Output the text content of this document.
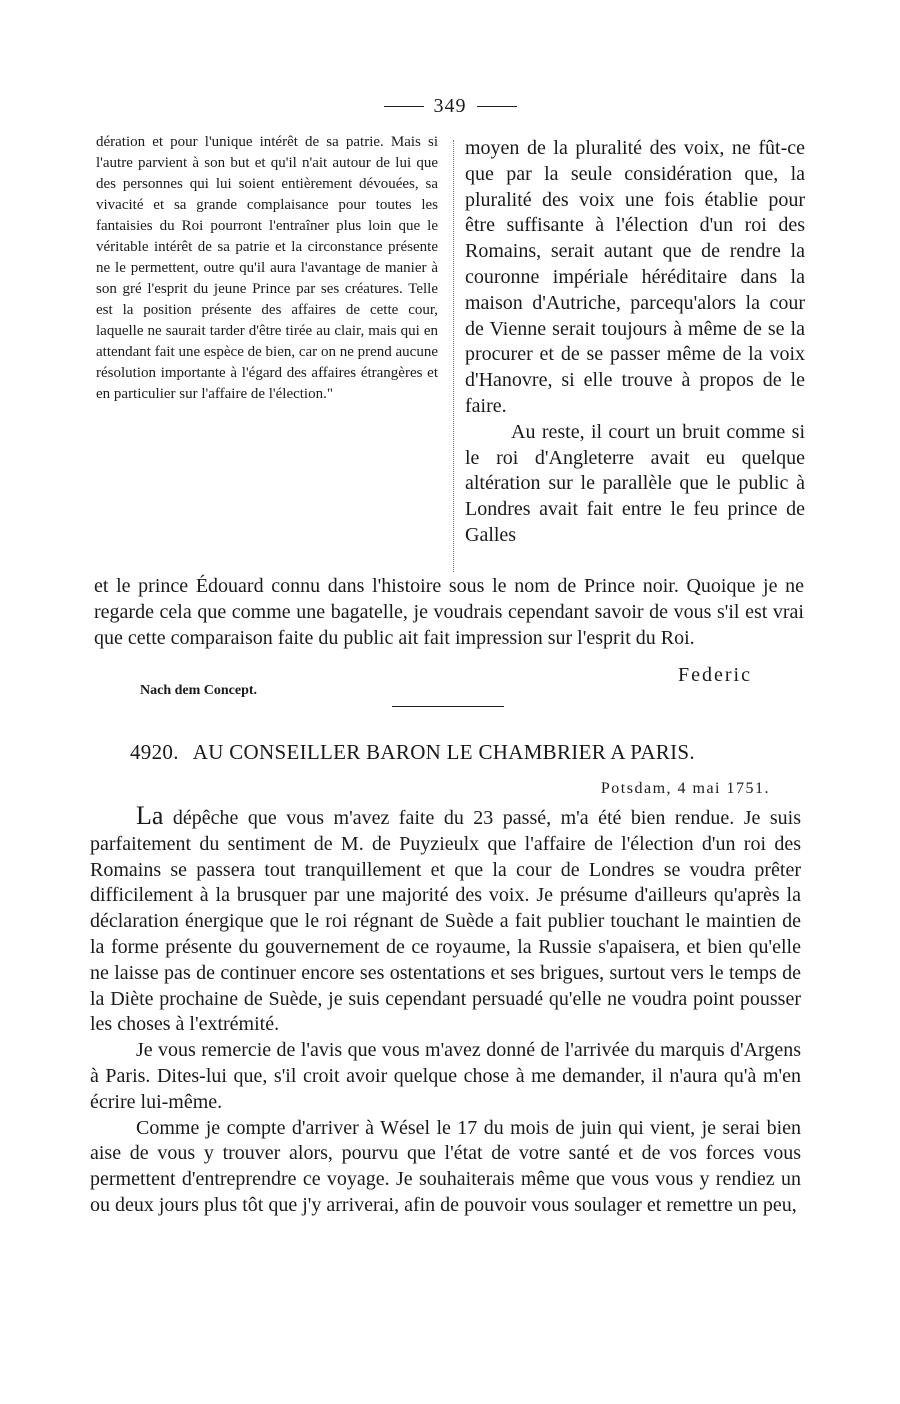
349

dération et pour l'unique intérêt de sa patrie. Mais si l'autre parvient à son but et qu'il n'ait autour de lui que des personnes qui lui soient entièrement dévouées, sa vivacité et sa grande complaisance pour toutes les fantaisies du Roi pourront l'entraîner plus loin que le véritable intérêt de sa patrie et la circonstance présente ne le permettent, outre qu'il aura l'avantage de manier à son gré l'esprit du jeune Prince par ses créatures. Telle est la position présente des affaires de cette cour, laquelle ne saurait tarder d'être tirée au clair, mais qui en attendant fait une espèce de bien, car on ne prend aucune résolution importante à l'égard des affaires étrangères et en particulier sur l'affaire de l'élection."

moyen de la pluralité des voix, ne fût-ce que par la seule considération que, la pluralité des voix une fois établie pour être suffisante à l'élection d'un roi des Romains, serait autant que de rendre la couronne impériale héréditaire dans la maison d'Autriche, parcequ'alors la cour de Vienne serait toujours à même de se la procurer et de se passer même de la voix d'Hanovre, si elle trouve à propos de le faire.

Au reste, il court un bruit comme si le roi d'Angleterre avait eu quelque altération sur le parallèle que le public à Londres avait fait entre le feu prince de Galles

et le prince Édouard connu dans l'histoire sous le nom de Prince noir. Quoique je ne regarde cela que comme une bagatelle, je voudrais cependant savoir de vous s'il est vrai que cette comparaison faite du public ait fait impression sur l'esprit du Roi.

Federic
Nach dem Concept.
4920. AU CONSEILLER BARON LE CHAMBRIER A PARIS.
Potsdam, 4 mai 1751.

La dépêche que vous m'avez faite du 23 passé, m'a été bien rendue. Je suis parfaitement du sentiment de M. de Puyzieulx que l'affaire de l'élection d'un roi des Romains se passera tout tranquillement et que la cour de Londres se voudra prêter difficilement à la brusquer par une majorité des voix. Je présume d'ailleurs qu'après la déclaration énergique que le roi régnant de Suède a fait publier touchant le maintien de la forme présente du gouvernement de ce royaume, la Russie s'apaisera, et bien qu'elle ne laisse pas de continuer encore ses ostentations et ses brigues, surtout vers le temps de la Diète prochaine de Suède, je suis cependant persuadé qu'elle ne voudra point pousser les choses à l'extrémité.

Je vous remercie de l'avis que vous m'avez donné de l'arrivée du marquis d'Argens à Paris. Dites-lui que, s'il croit avoir quelque chose à me demander, il n'aura qu'à m'en écrire lui-même.

Comme je compte d'arriver à Wésel le 17 du mois de juin qui vient, je serai bien aise de vous y trouver alors, pourvu que l'état de votre santé et de vos forces vous permettent d'entreprendre ce voyage. Je souhaiterais même que vous vous y rendiez un ou deux jours plus tôt que j'y arriverai, afin de pouvoir vous soulager et remettre un peu,
